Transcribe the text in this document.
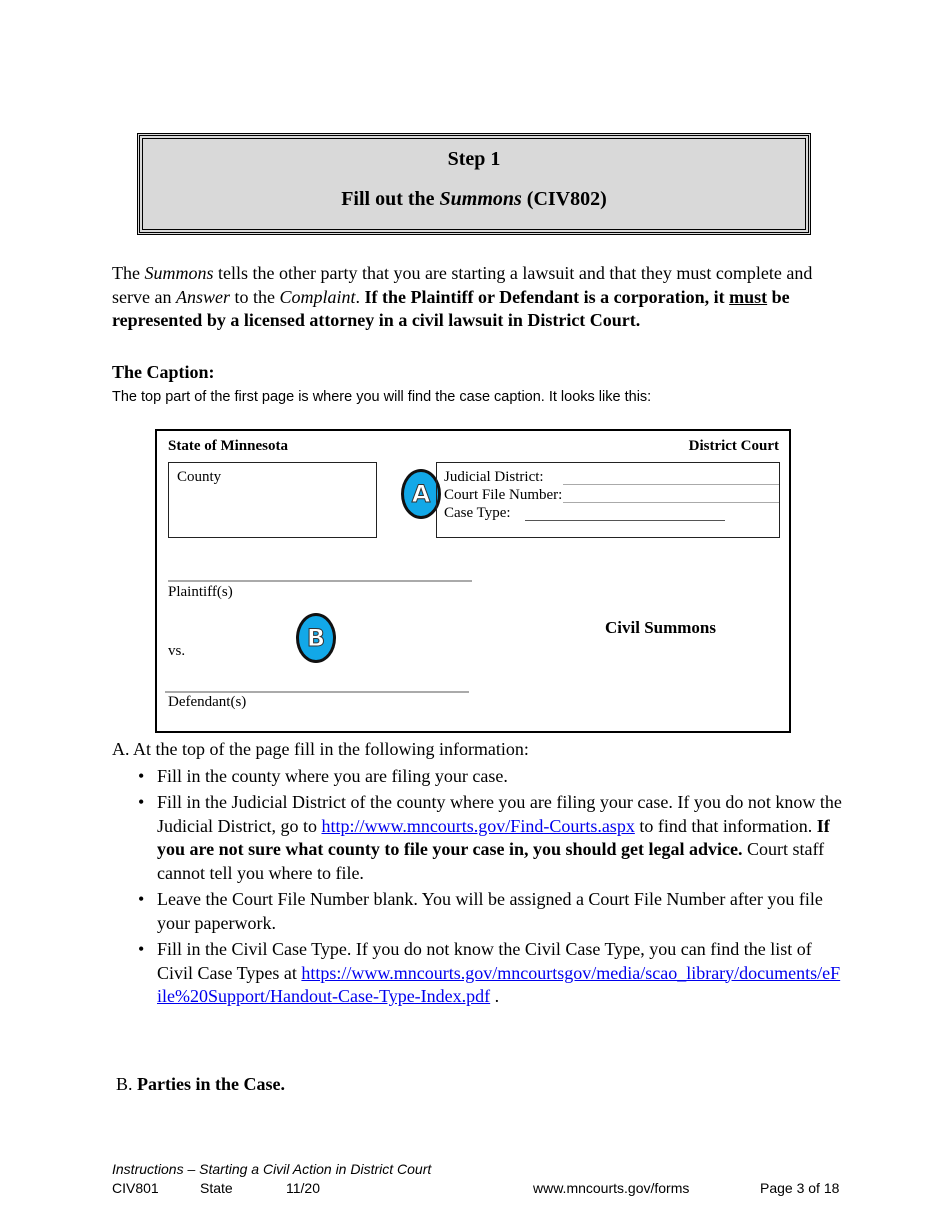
Step 1
Fill out the Summons (CIV802)
The Summons tells the other party that you are starting a lawsuit and that they must complete and serve an Answer to the Complaint. If the Plaintiff or Defendant is a corporation, it must be represented by a licensed attorney in a civil lawsuit in District Court.
The Caption:
The top part of the first page is where you will find the case caption. It looks like this:
State of Minnesota	District Court
County
A
Judicial District:
Court File Number:
Case Type:
Plaintiff(s)
B
vs.
Civil Summons
Defendant(s)
A. At the top of the page fill in the following information:
• Fill in the county where you are filing your case.
• Fill in the Judicial District of the county where you are filing your case. If you do not know the Judicial District, go to http://www.mncourts.gov/Find-Courts.aspx to find that information. If you are not sure what county to file your case in, you should get legal advice. Court staff cannot tell you where to file.
• Leave the Court File Number blank. You will be assigned a Court File Number after you file your paperwork.
• Fill in the Civil Case Type. If you do not know the Civil Case Type, you can find the list of Civil Case Types at https://www.mncourts.gov/mncourtsgov/media/scao_library/documents/eFile%20Support/Handout-Case-Type-Index.pdf .
B. Parties in the Case.
Instructions – Starting a Civil Action in District Court
CIV801	State	11/20	www.mncourts.gov/forms	Page 3 of 18
